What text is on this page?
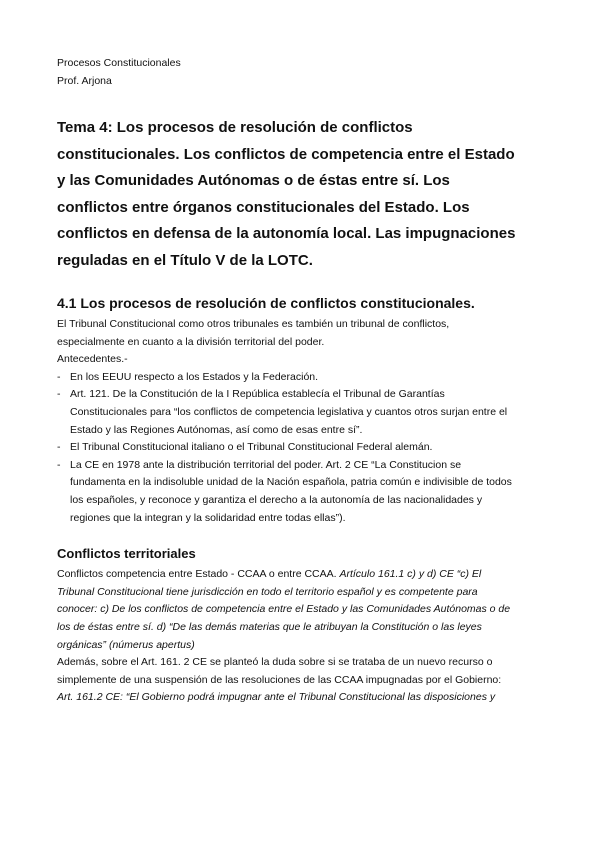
Procesos Constitucionales
Prof. Arjona
Tema 4: Los procesos de resolución de conflictos constitucionales. Los conflictos de competencia entre el Estado y las Comunidades Autónomas o de éstas entre sí. Los conflictos entre órganos constitucionales del Estado. Los conflictos en defensa de la autonomía local. Las impugnaciones reguladas en el Título V de la LOTC.
4.1 Los procesos de resolución de conflictos constitucionales.
El Tribunal Constitucional como otros tribunales es también un tribunal de conflictos, especialmente en cuanto a la división territorial del poder.
Antecedentes.-
- En los EEUU respecto a los Estados y la Federación.
- Art. 121. De la Constitución de la I República establecía el Tribunal de Garantías Constitucionales para “los conflictos de competencia legislativa y cuantos otros surjan entre el Estado y las Regiones Autónomas, así como de esas entre sí”.
- El Tribunal Constitucional italiano o el Tribunal Constitucional Federal alemán.
- La CE en 1978 ante la distribución territorial del poder. Art. 2 CE “La Constitucion se fundamenta en la indisoluble unidad de la Nación española, patria común e indivisible de todos los españoles, y reconoce y garantiza el derecho a la autonomía de las nacionalidades y regiones que la integran y la solidaridad entre todas ellas”).
Conflictos territoriales
Conflictos competencia entre Estado - CCAA o entre CCAA. Artículo 161.1 c) y d) CE “c) El Tribunal Constitucional tiene jurisdicción en todo el territorio español y es competente para conocer: c) De los conflictos de competencia entre el Estado y las Comunidades Autónomas o de los de éstas entre sí. d) “De las demás materias que le atribuyan la Constitución o las leyes orgánicas” (númerus apertus)
Además, sobre el Art. 161. 2 CE se planteó la duda sobre si se trataba de un nuevo recurso o simplemente de una suspensión de las resoluciones de las CCAA impugnadas por el Gobierno:
Art. 161.2 CE: “El Gobierno podrá impugnar ante el Tribunal Constitucional las disposiciones y
